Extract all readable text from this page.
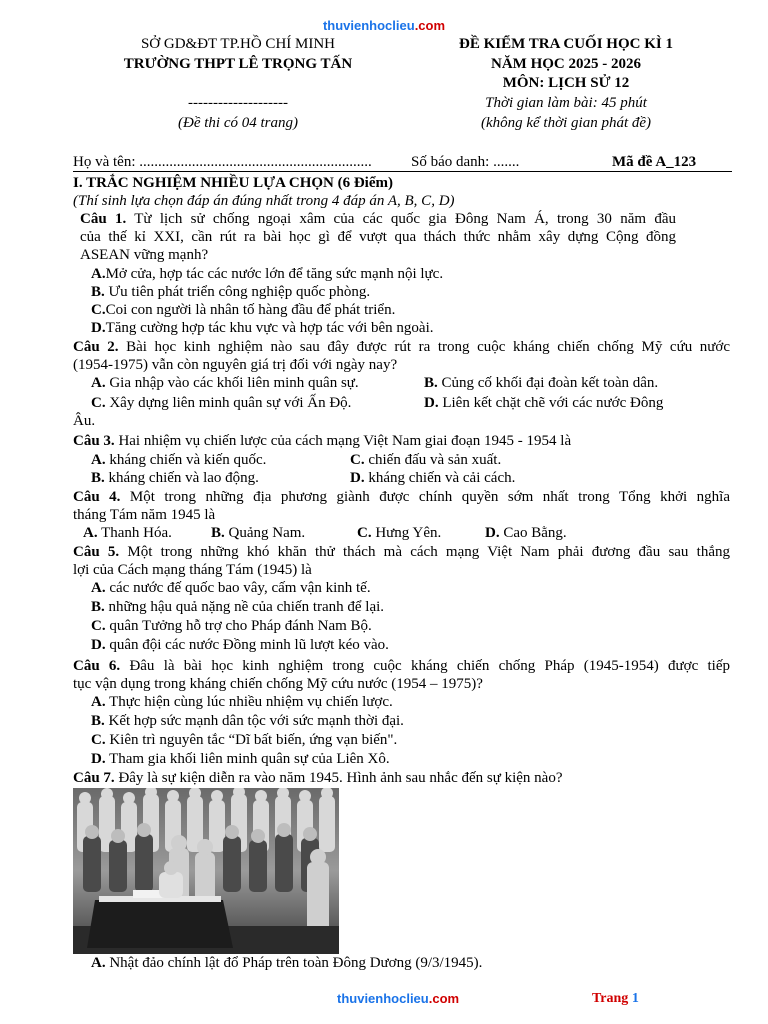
thuvienhoclieu.com
SỞ GD&ĐT TP.HỒ CHÍ MINH
TRƯỜNG THPT LÊ TRỌNG TẤN
--------------------
(Đề thi có 04 trang)
ĐỀ KIỂM TRA CUỐI HỌC KÌ 1
NĂM HỌC 2025 - 2026
MÔN: LỊCH SỬ 12
Thời gian làm bài: 45 phút
(không kể thời gian phát đề)
Họ và tên: ..............................................................	Số báo danh: .......	Mã đề A_123
I. TRẮC NGHIỆM NHIỀU LỰA CHỌN (6 Điểm)
(Thí sinh lựa chọn đáp án đúng nhất trong 4 đáp án A, B, C, D)
Câu 1. Từ lịch sử chống ngoại xâm của các quốc gia Đông Nam Á, trong 30 năm đầu
của thế kỉ XXI, cần rút ra bài học gì để vượt qua thách thức nhằm xây dựng Cộng đồng
ASEAN vững mạnh?
A.Mở cửa, hợp tác các nước lớn để tăng sức mạnh nội lực.
B. Ưu tiên phát triển công nghiệp quốc phòng.
C.Coi con người là nhân tố hàng đầu để phát triển.
D.Tăng cường hợp tác khu vực và hợp tác với bên ngoài.
Câu 2. Bài học kinh nghiệm nào sau đây được rút ra trong cuộc kháng chiến chống Mỹ cứu nước
(1954-1975) vẫn còn nguyên giá trị đối với ngày nay?
A. Gia nhập vào các khối liên minh quân sự.	B. Củng cố khối đại đoàn kết toàn dân.
C. Xây dựng liên minh quân sự với Ấn Độ.	D. Liên kết chặt chẽ với các nước Đông
Âu.
Câu 3. Hai nhiệm vụ chiến lược của cách mạng Việt Nam giai đoạn 1945 - 1954 là
A. kháng chiến và kiến quốc.	C. chiến đấu và sản xuất.
B. kháng chiến và lao động.	D. kháng chiến và cải cách.
Câu 4. Một trong những địa phương giành được chính quyền sớm nhất trong Tổng khởi nghĩa
tháng Tám năm 1945 là
A. Thanh Hóa.	B. Quảng Nam.	C. Hưng Yên.	D. Cao Bằng.
Câu 5. Một trong những khó khăn thử thách mà cách mạng Việt Nam phải đương đầu sau thắng
lợi của Cách mạng tháng Tám (1945) là
A. các nước đế quốc bao vây, cấm vận kinh tế.
B. những hậu quả nặng nề của chiến tranh để lại.
C. quân Tưởng hỗ trợ cho Pháp đánh Nam Bộ.
D. quân đội các nước Đồng minh lũ lượt kéo vào.
Câu 6. Đâu là bài học kinh nghiệm trong cuộc kháng chiến chống Pháp (1945-1954) được tiếp
tục vận dụng trong kháng chiến chống Mỹ cứu nước (1954 – 1975)?
A. Thực hiện cùng lúc nhiều nhiệm vụ chiến lược.
B. Kết hợp sức mạnh dân tộc với sức mạnh thời đại.
C. Kiên trì nguyên tắc “Dĩ bất biến, ứng vạn biến".
D. Tham gia khối liên minh quân sự của Liên Xô.
Câu 7. Đây là sự kiện diễn ra vào năm 1945. Hình ảnh sau nhắc đến sự kiện nào?
A. Nhật đảo chính lật đổ Pháp trên toàn Đông Dương (9/3/1945).
thuvienhoclieu.com	Trang 1
